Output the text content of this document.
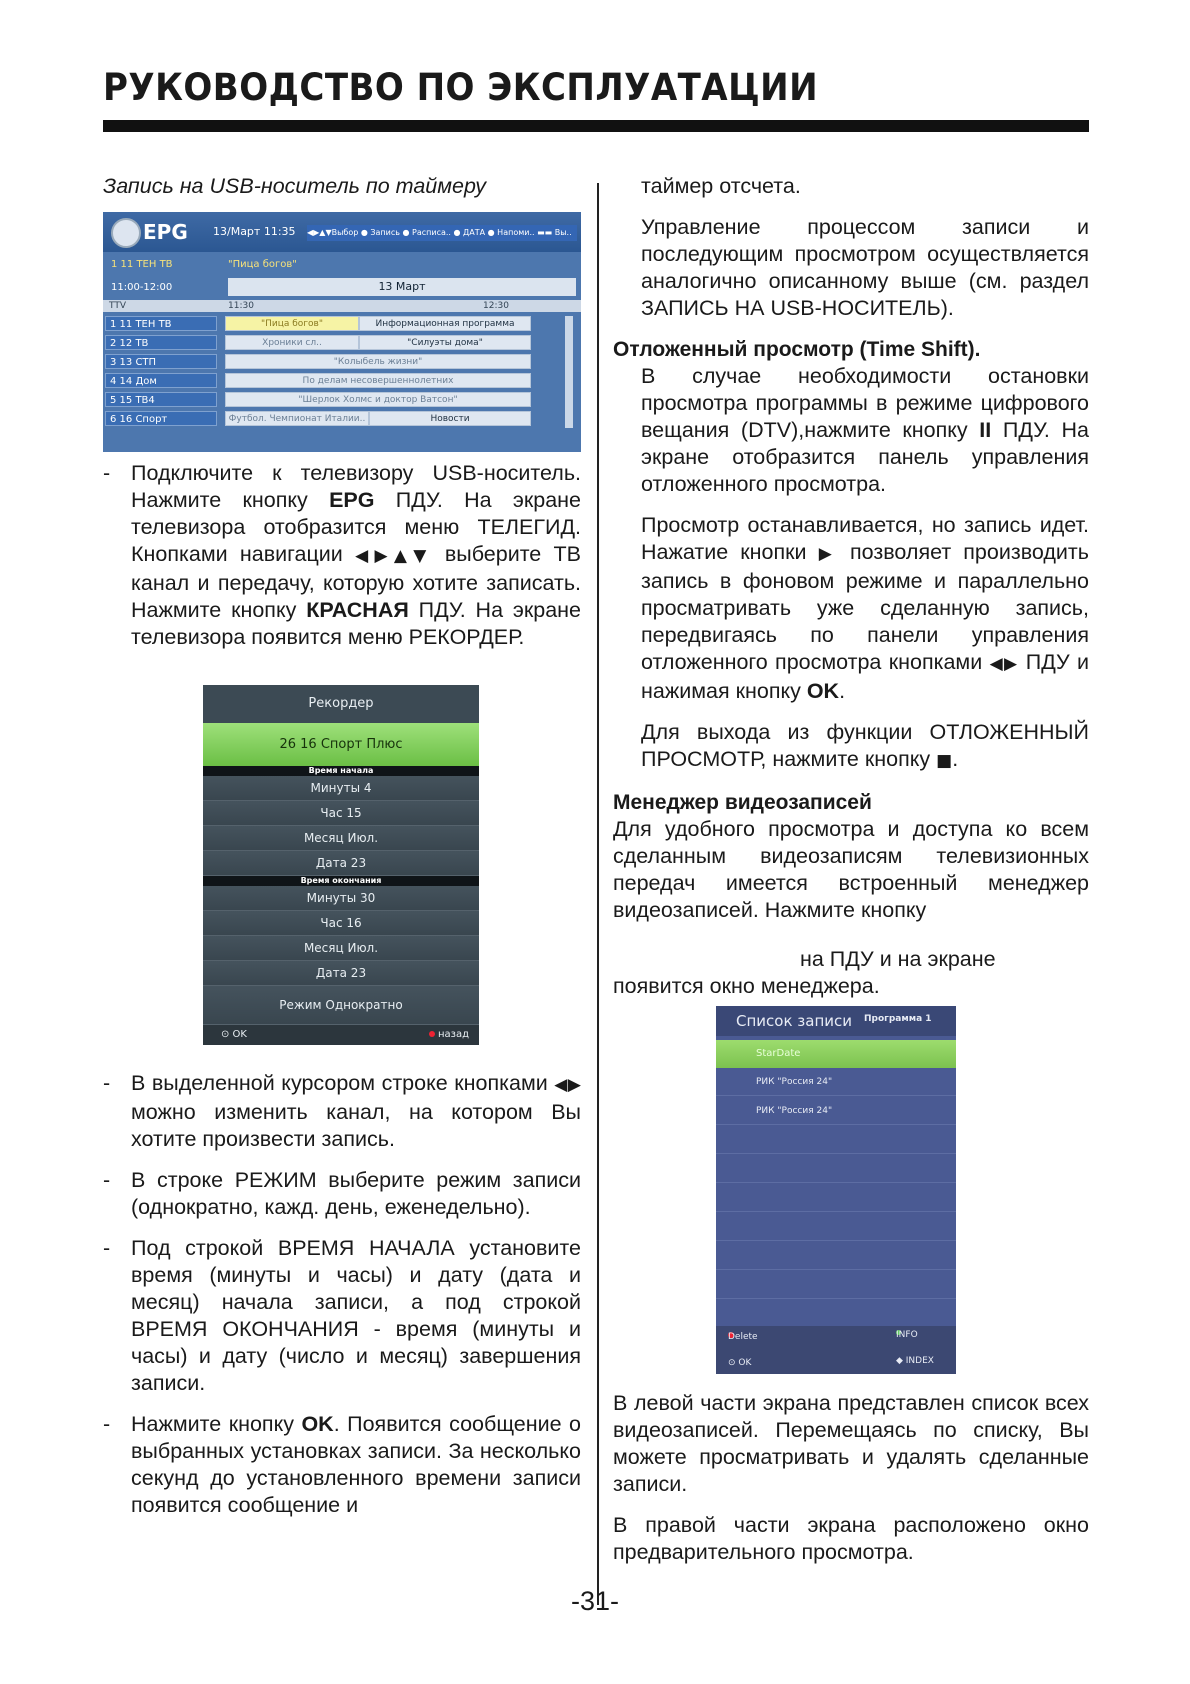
РУКОВОДСТВО ПО ЭКСПЛУАТАЦИИ

Запись на USB-носитель по таймеру

EPG 13/Март 11:35 ◀▶▲▼Выбор ● Запись ● Расписа.. ● ДАТА ● Напоми.. ▬▬ Вы..
1 11 ТЕН ТВ	"Пица богов"
11:00-12:00	13 Март
TTV	11:30	12:30
1 11 ТЕН ТВ	"Пица богов"	Информационная программа
2 12 ТВ	Хроники сл..	"Силуэты дома"
3 13 СТП	"Колыбель жизни"
4 14 Дом	По делам несовершеннолетних
5 15 ТВ4	"Шерлок Холмс и доктор Ватсон"
6 16 Спорт	Футбол. Чемпионат Италии..	Новости

- Подключите к телевизору USB-носитель. Нажмите кнопку EPG ПДУ. На экране телевизора отобразится меню ТЕЛЕГИД. Кнопками навигации ◀▶▲▼ выберите ТВ канал и передачу, которую хотите записать. Нажмите кнопку КРАСНАЯ ПДУ. На экране телевизора появится меню РЕКОРДЕР.

Рекордер
26 16 Спорт Плюс
Время начала
Минуты 4
Час 15
Месяц Июл.
Дата 23
Время окончания
Минуты 30
Час 16
Месяц Июл.
Дата 23
Режим Однократно
⊙ OK	назад

- В выделенной курсором строке кнопками ◀▶ можно изменить канал, на котором Вы хотите произвести запись.

- В строке РЕЖИМ выберите режим записи (однократно, кажд. день, еженедельно).

- Под строкой ВРЕМЯ НАЧАЛА установите время (минуты и часы) и дату (дата и месяц) начала записи, а под строкой ВРЕМЯ ОКОНЧАНИЯ - время (минуты и часы) и дату (число и месяц) завершения записи.

- Нажмите кнопку OK. Появится сообщение о выбранных установках записи. За несколько секунд до установленного времени записи появится сообщение и

таймер отсчета.

Управление процессом записи и последующим просмотром осуществляется аналогично описанному выше (см. раздел ЗАПИСЬ НА USB-НОСИТЕЛЬ).

Отложенный просмотр (Time Shift).

В случае необходимости остановки просмотра программы в режиме цифрового вещания (DTV),нажмите кнопку II ПДУ. На экране отобразится панель управления отложенного просмотра.

Просмотр останавливается, но запись идет. Нажатие кнопки ▶ позволяет производить запись в фоновом режиме и параллельно просматривать уже сделанную запись, передвигаясь по панели управления отложенного просмотра кнопками ◀▶ ПДУ и нажимая кнопку OK.

Для выхода из функции ОТЛОЖЕННЫЙ ПРОСМОТР, нажмите кнопку ■.

Менеджер видеозаписей

Для удобного просмотра и доступа ко всем сделанным видеозаписям телевизионных передач имеется встроенный менеджер видеозаписей. Нажмите кнопку

на ПДУ и на экране

появится окно менеджера.

Список записи Программа 1
StarDate
РИК "Россия 24"
РИК "Россия 24"
Delete	INFO
⊙ OK	◆ INDEX

В левой части экрана представлен список всех видеозаписей. Перемещаясь по списку, Вы можете просматривать и удалять сделанные записи.

В правой части экрана расположено окно предварительного просмотра.

-31-
